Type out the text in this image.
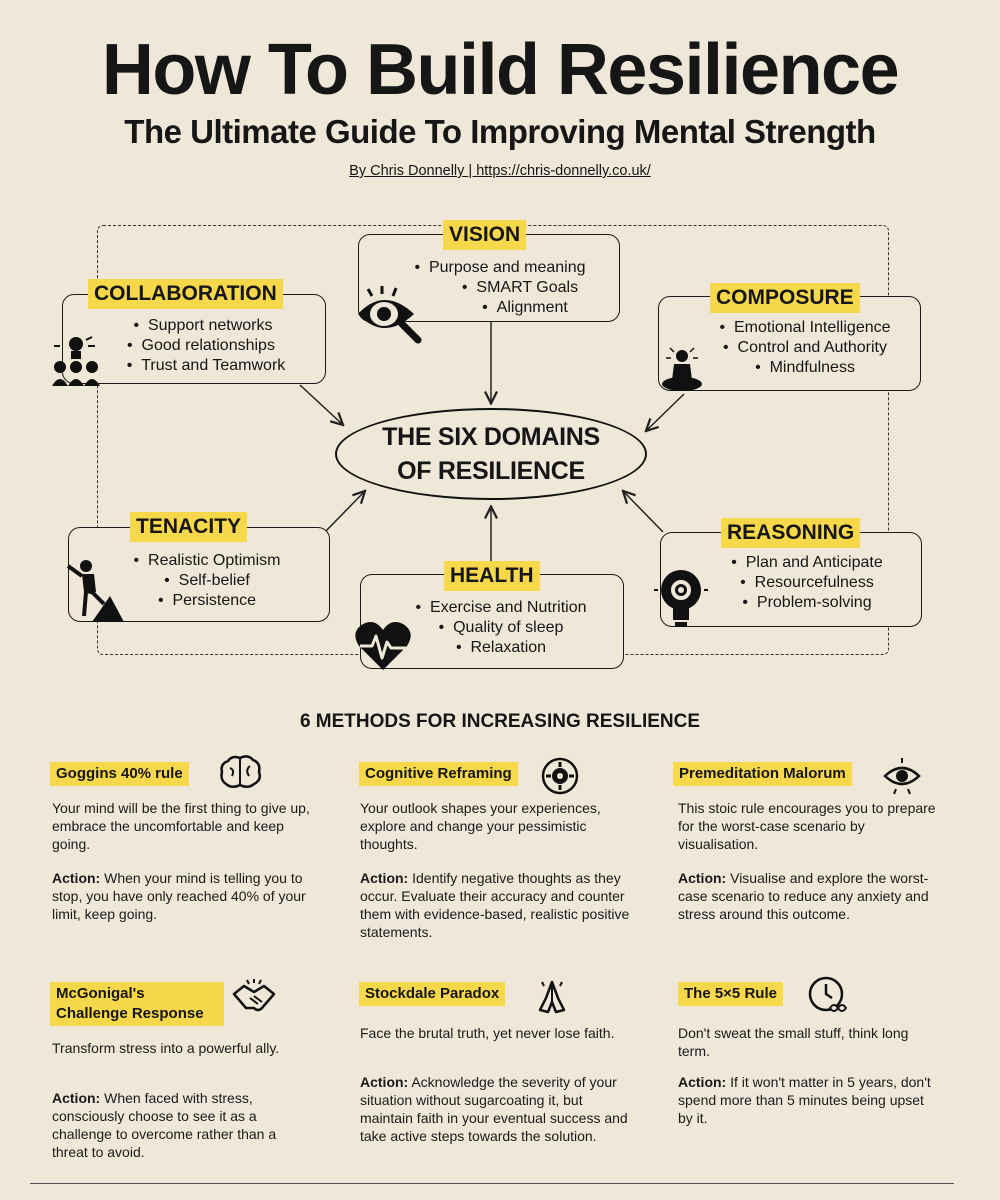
How To Build Resilience
The Ultimate Guide To Improving Mental Strength
By Chris Donnelly | https://chris-donnelly.co.uk/
THE SIX DOMAINS
OF RESILIENCE
VISION
•  Purpose and meaning
•  SMART Goals
•  Alignment
COLLABORATION
•  Support networks
•  Good relationships
•  Trust and Teamwork
COMPOSURE
•  Emotional Intelligence
•  Control and Authority
•  Mindfulness
TENACITY
•  Realistic Optimism
•  Self-belief
•  Persistence
HEALTH
•  Exercise and Nutrition
•  Quality of sleep
•  Relaxation
REASONING
•  Plan and Anticipate
•  Resourcefulness
•  Problem-solving
6 METHODS FOR INCREASING RESILIENCE
Goggins 40% rule
Your mind will be the first thing to give up, embrace the uncomfortable and keep going.
Action: When your mind is telling you to stop, you have only reached 40% of your limit, keep going.
Cognitive Reframing
Your outlook shapes your experiences, explore and change your pessimistic thoughts.
Action: Identify negative thoughts as they occur. Evaluate their accuracy and counter them with evidence-based, realistic positive statements.
Premeditation Malorum
This stoic rule encourages you to prepare for the worst-case scenario by visualisation.
Action: Visualise and explore the worst-case scenario to reduce any anxiety and stress around this outcome.
McGonigal's Challenge Response
Transform stress into a powerful ally.
Action: When faced with stress, consciously choose to see it as a challenge to overcome rather than a threat to avoid.
Stockdale Paradox
Face the brutal truth, yet never lose faith.
Action: Acknowledge the severity of your situation without sugarcoating it, but maintain faith in your eventual success and take active steps towards the solution.
The 5×5 Rule
Don't sweat the small stuff, think long term.
Action: If it won't matter in 5 years, don't spend more than 5 minutes being upset by it.
